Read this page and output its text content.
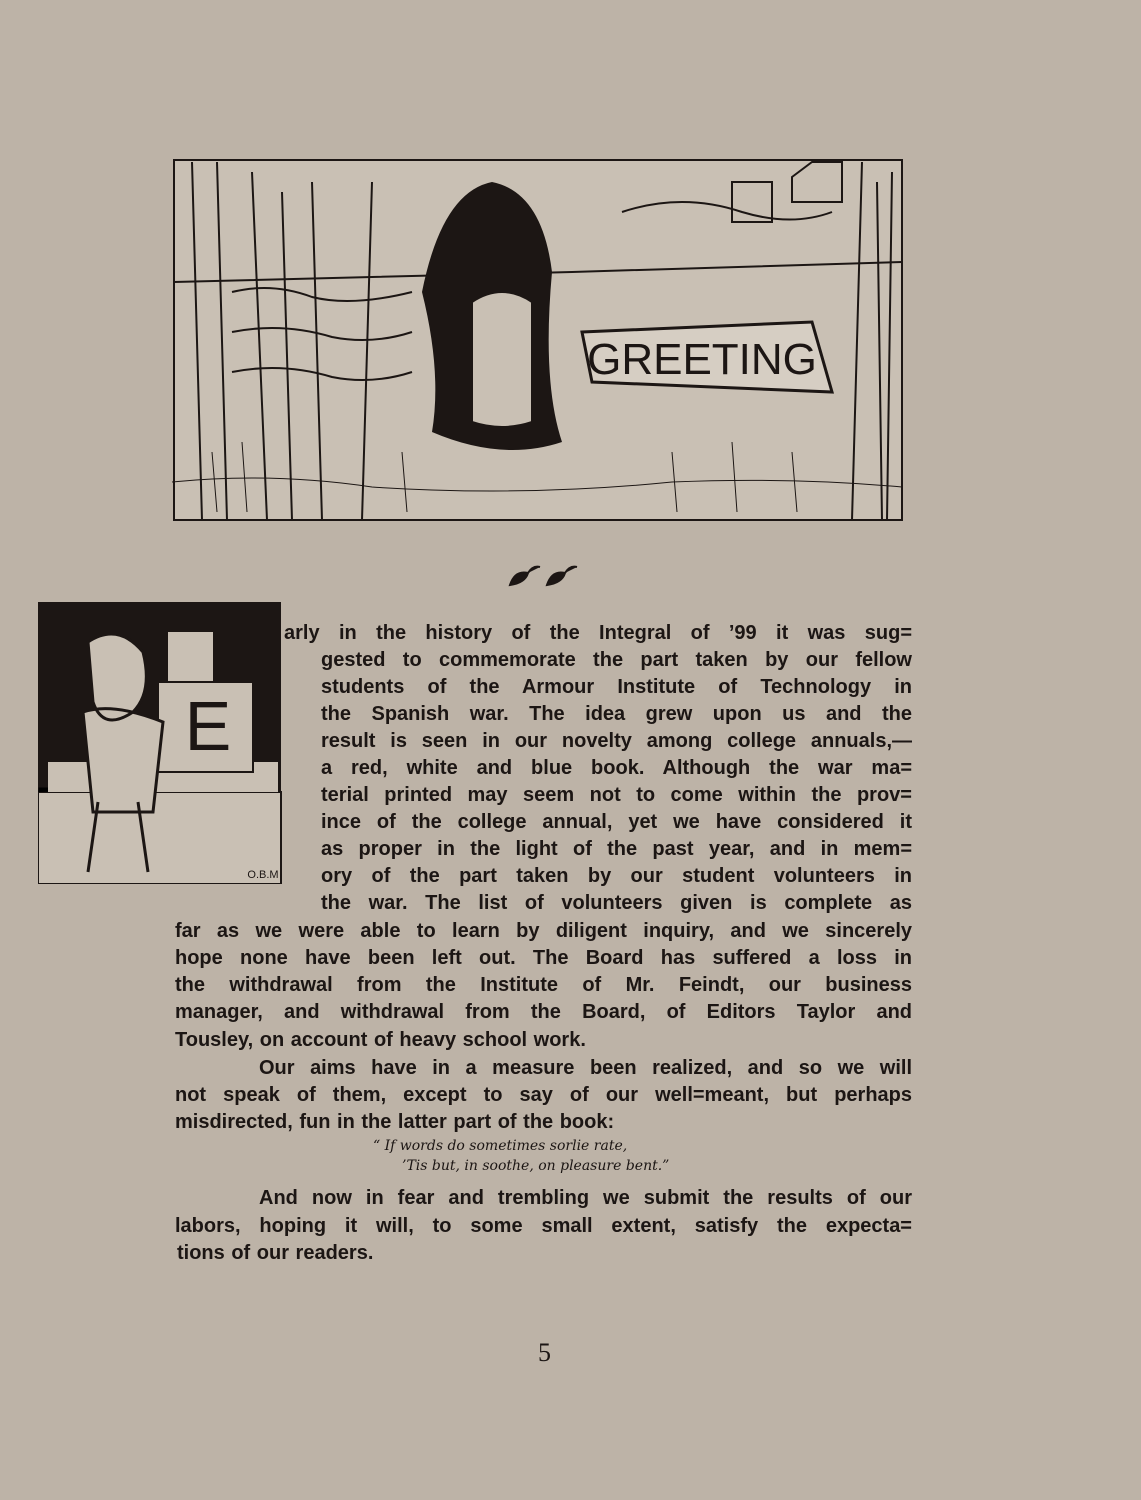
GREETING
E
O.B.M
arly in the history of the Integral of ’99 it was sug=
gested to commemorate the part taken by our fellow
students of the Armour Institute of Technology in
the Spanish war. The idea grew upon us and the
result is seen in our novelty among college annuals,—
a red, white and blue book. Although the war ma=
terial printed may seem not to come within the prov=
ince of the college annual, yet we have considered it
as proper in the light of the past year, and in mem=
ory of the part taken by our student volunteers in
the war. The list of volunteers given is complete as
far as we were able to learn by diligent inquiry, and we sincerely
hope none have been left out. The Board has suffered a loss in
the withdrawal from the Institute of Mr. Feindt, our business
manager, and withdrawal from the Board, of Editors Taylor and
Tousley, on account of heavy school work.
Our aims have in a measure been realized, and so we will
not speak of them, except to say of our well=meant, but perhaps
misdirected, fun in the latter part of the book:
“ If words do sometimes sorlie rate,
’Tis but, in soothe, on pleasure bent.”
And now in fear and trembling we submit the results of our
labors, hoping it will, to some small extent, satisfy the expecta=
tions of our readers.
5
